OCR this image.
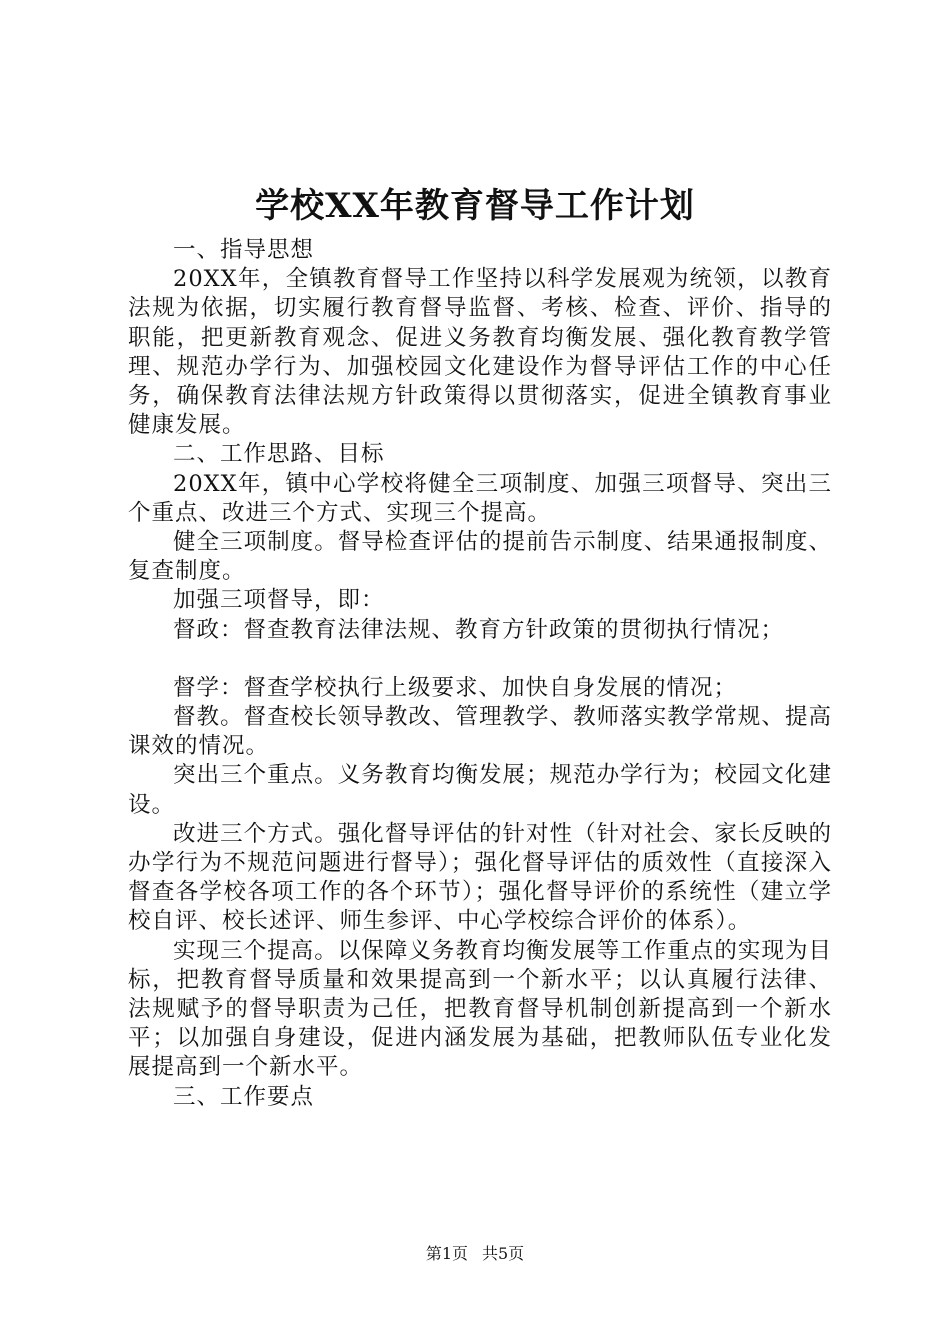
学校XX年教育督导工作计划

一、指导思想

20XX年，全镇教育督导工作坚持以科学发展观为统领，以教育法规为依据，切实履行教育督导监督、考核、检查、评价、指导的职能，把更新教育观念、促进义务教育均衡发展、强化教育教学管理、规范办学行为、加强校园文化建设作为督导评估工作的中心任务，确保教育法律法规方针政策得以贯彻落实，促进全镇教育事业健康发展。

二、工作思路、目标

20XX年，镇中心学校将健全三项制度、加强三项督导、突出三个重点、改进三个方式、实现三个提高。

健全三项制度。督导检查评估的提前告示制度、结果通报制度、复查制度。

加强三项督导，即：

督政：督查教育法律法规、教育方针政策的贯彻执行情况；

督学：督查学校执行上级要求、加快自身发展的情况；

督教。督查校长领导教改、管理教学、教师落实教学常规、提高课效的情况。

突出三个重点。义务教育均衡发展；规范办学行为；校园文化建设。

改进三个方式。强化督导评估的针对性（针对社会、家长反映的办学行为不规范问题进行督导）；强化督导评估的质效性（直接深入督查各学校各项工作的各个环节）；强化督导评价的系统性（建立学校自评、校长述评、师生参评、中心学校综合评价的体系）。

实现三个提高。以保障义务教育均衡发展等工作重点的实现为目标，把教育督导质量和效果提高到一个新水平；以认真履行法律、法规赋予的督导职责为己任，把教育督导机制创新提高到一个新水平；以加强自身建设，促进内涵发展为基础，把教师队伍专业化发展提高到一个新水平。

三、工作要点

第1页 共5页
